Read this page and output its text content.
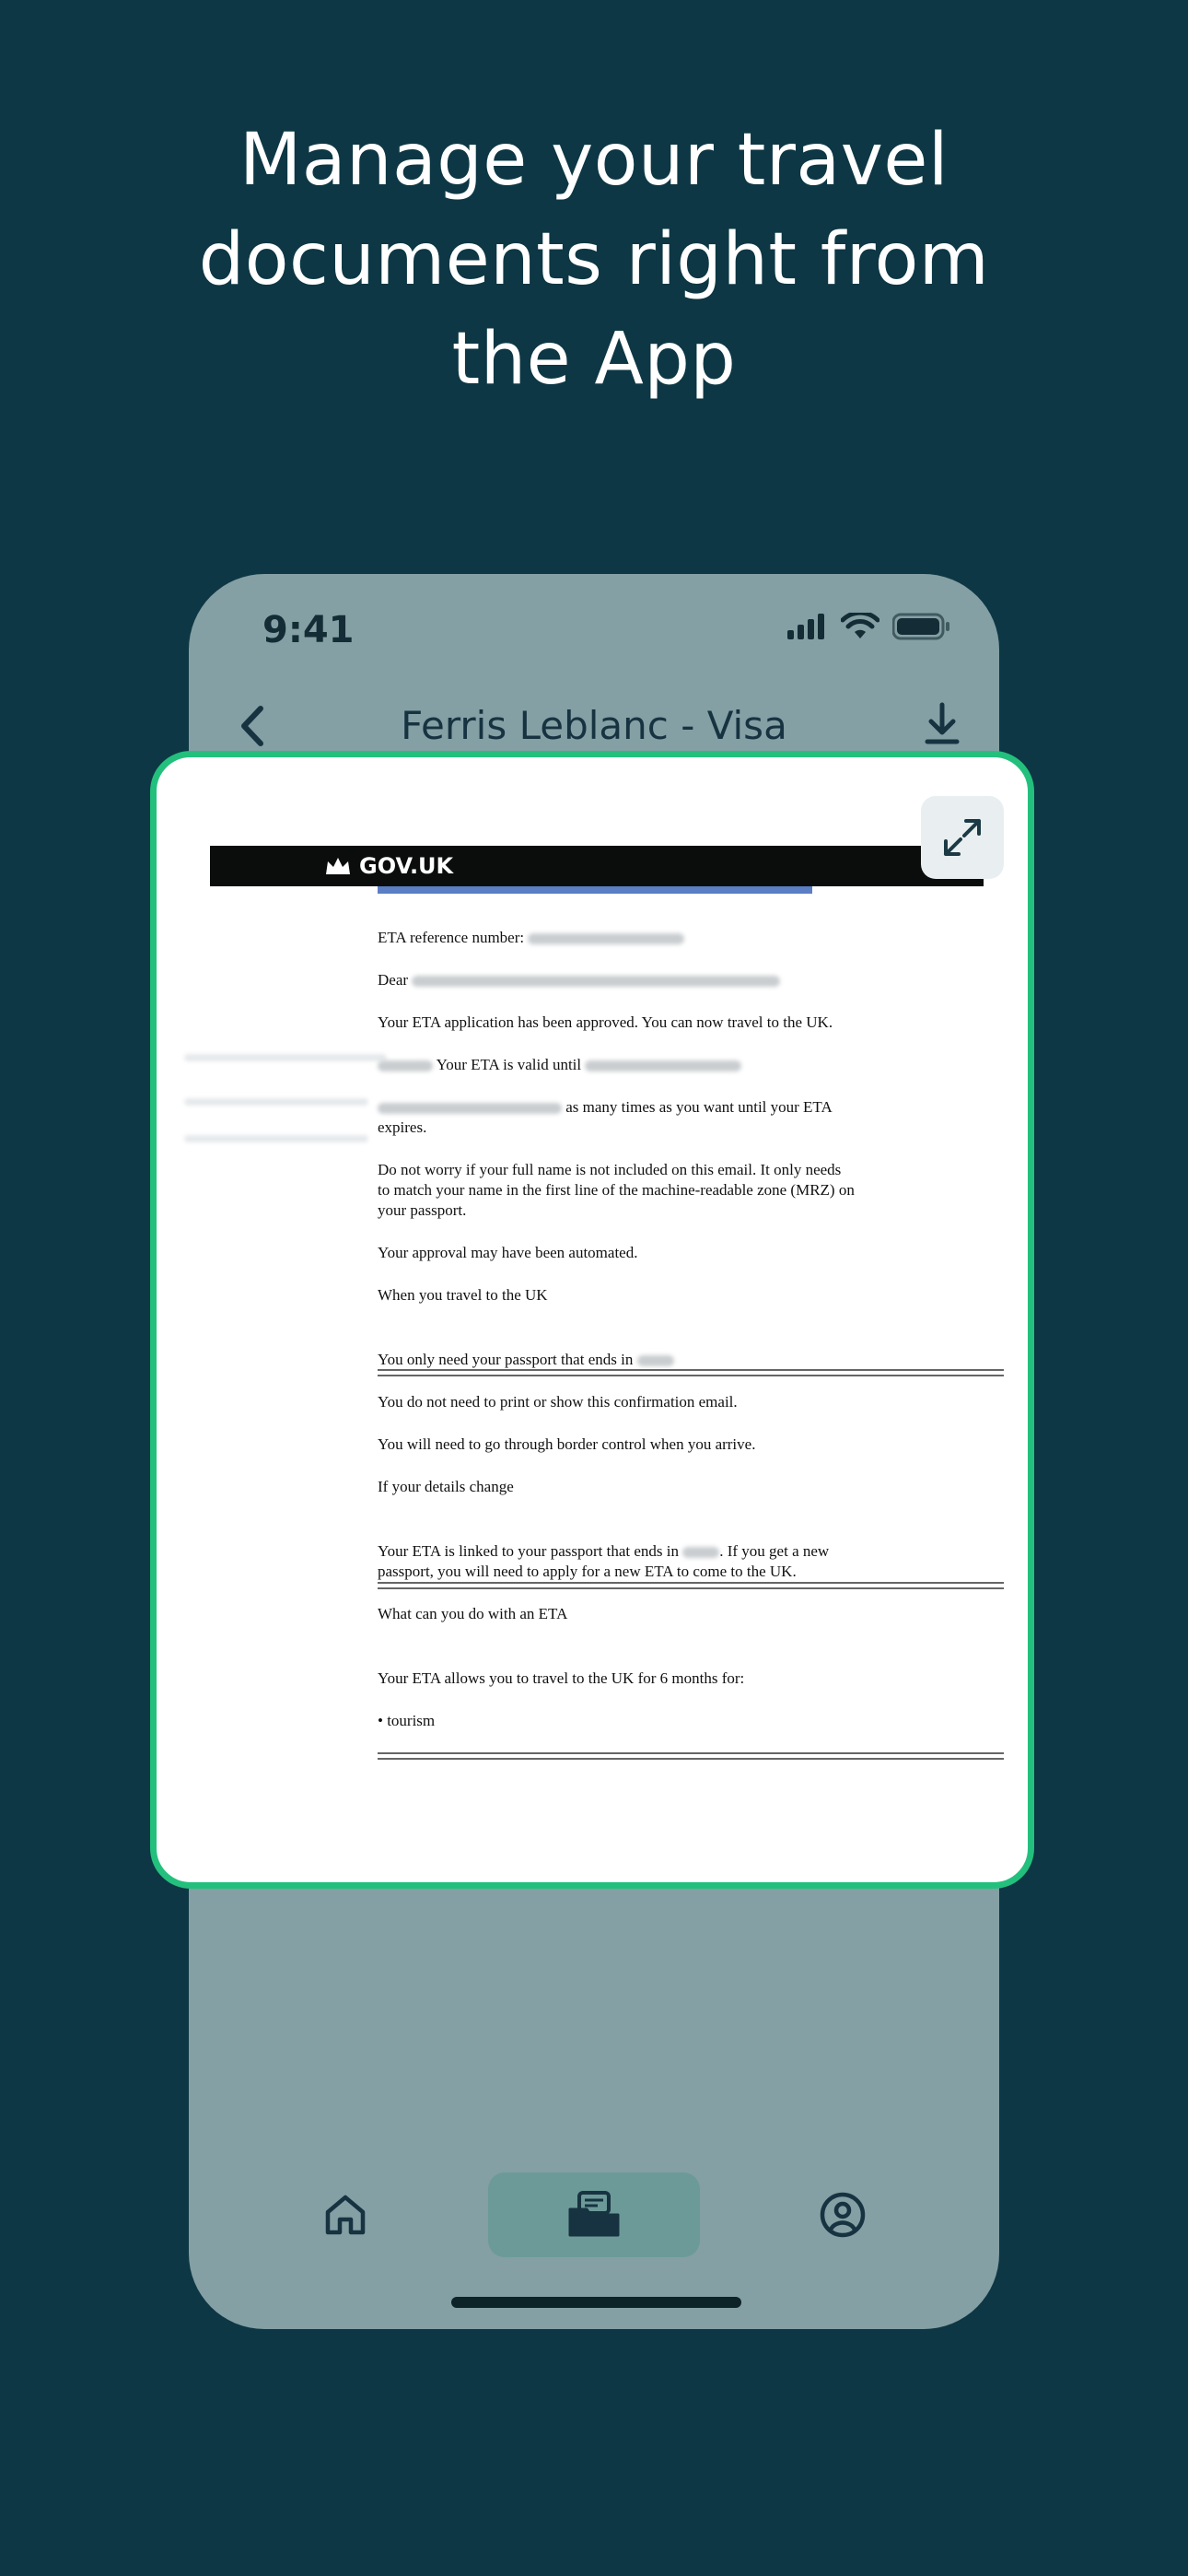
Manage your travel
documents right from
the App
9:41
Ferris Leblanc - Visa
GOV.UK

ETA reference number:

Dear

Your ETA application has been approved. You can now travel to the UK.

Your ETA is valid until

as many times as you want until your ETA expires.

Do not worry if your full name is not included on this email. It only needs to match your name in the first line of the machine-readable zone (MRZ) on your passport.

Your approval may have been automated.

When you travel to the UK

You only need your passport that ends in

You do not need to print or show this confirmation email.

You will need to go through border control when you arrive.

If your details change

Your ETA is linked to your passport that ends in	. If you get a new passport, you will need to apply for a new ETA to come to the UK.

What can you do with an ETA

Your ETA allows you to travel to the UK for 6 months for:

• tourism
